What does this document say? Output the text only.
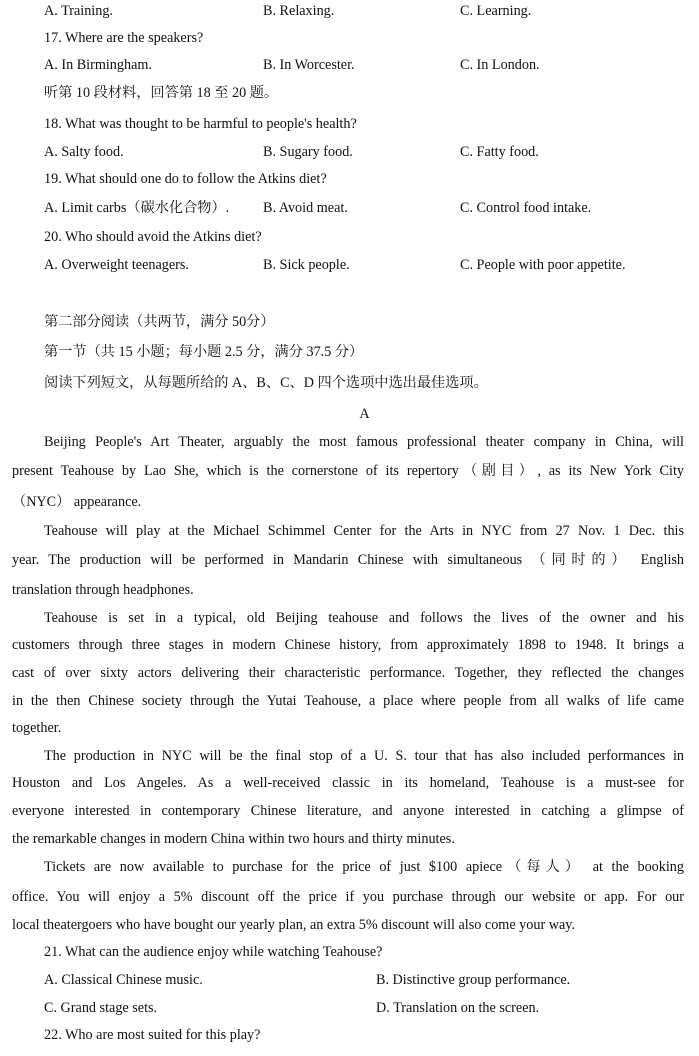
A. Training.	B. Relaxing.	C. Learning.
17. Where are the speakers?
A. In Birmingham.	B. In Worcester.	C. In London.
听第 10 段材料，回答第 18 至 20 题。
18. What was thought to be harmful to people's health?
A. Salty food.	B. Sugary food.	C. Fatty food.
19. What should one do to follow the Atkins diet?
A. Limit carbs（碳水化合物）. B. Avoid meat.	C. Control food intake.
20. Who should avoid the Atkins diet?
A. Overweight teenagers.	B. Sick people.	C. People with poor appetite.
第二部分阅读（共两节，满分 50分）
第一节（共 15 小题；每小题 2.5 分，满分 37.5 分）
阅读下列短文，从每题所给的 A、B、C、D 四个选项中选出最佳选项。
A
Beijing People's Art Theater, arguably the most famous professional theater company in China, will
present Teahouse by Lao She, which is the cornerstone of its repertory（剧目）, as its New York City
（NYC） appearance.
Teahouse will play at the Michael Schimmel Center for the Arts in NYC from 27 Nov. 1 Dec. this
year. The production will be performed in Mandarin Chinese with simultaneous （同时的） English
translation through headphones.
Teahouse is set in a typical, old Beijing teahouse and follows the lives of the owner and his
customers through three stages in modern Chinese history, from approximately 1898 to 1948. It brings a
cast of over sixty actors delivering their characteristic performance. Together, they reflected the changes
in the then Chinese society through the Yutai Teahouse, a place where people from all walks of life came
together.
The production in NYC will be the final stop of a U. S. tour that has also included performances in
Houston and Los Angeles. As a well-received classic in its homeland, Teahouse is a must-see for
everyone interested in contemporary Chinese literature, and anyone interested in catching a glimpse of
the remarkable changes in modern China within two hours and thirty minutes.
Tickets are now available to purchase for the price of just $100 apiece（每人） at the booking
office. You will enjoy a 5% discount off the price if you purchase through our website or app. For our
local theatergoers who have bought our yearly plan, an extra 5% discount will also come your way.
21. What can the audience enjoy while watching Teahouse?
A. Classical Chinese music.	B. Distinctive group performance.
C. Grand stage sets.	D. Translation on the screen.
22. Who are most suited for this play?
